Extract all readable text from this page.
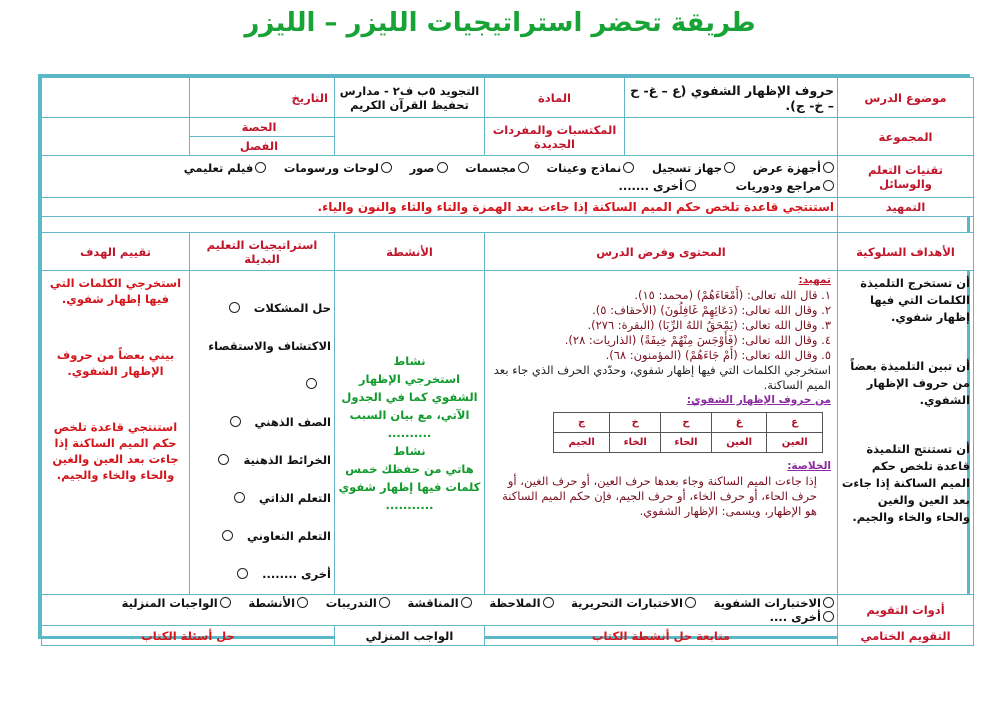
طريقة تحضر استراتيجيات الليزر – الليزر
موضوع الدرس	حروف الإظهار الشفوي (ع – غ- ح – خ- ج).	المادة	التجويد ٥ب ف٢ - مدارس تحفيظ القرآن الكريم	التاريخ	
المجموعة		المكتسبات والمفردات الجديدة		
الحصة
الفصل

تقنيات التعلم والوسائل	
أجهزة عرض جهاز تسجيل نماذج وعينات مجسمات صور لوحات ورسومات فيلم تعليمي
مراجع ودوريات أخرى .......

التمهيد	استنتجي قاعدة تلخص حكم الميم الساكنة إذا جاءت بعد الهمزة والتاء والثاء والنون والياء.

الأهداف السلوكية	المحتوى وفرض الدرس	الأنشطة	استراتيجيات التعليم البديلة	تقييم الهدف

أن تستخرج التلميذة الكلمات التي فيها إظهار شفوي.
أن تبين التلميذة بعضاً من حروف الإظهار الشفوي.
أن تستنتج التلميذة قاعدة تلخص حكم الميم الساكنة إذا جاءت بعد العين والغين والحاء والخاء والجيم.

تمهيد:
١. قال الله تعالى: (أَمْعَاءَهُمْ) (محمد: ١٥).
٢. وقال الله تعالى: (دَعَائِهِمْ غَافِلُونَ) (الأحقاف: ٥).
٣. وقال الله تعالى: (يَمْحَقُ اللهُ الرِّبَا) (البقرة: ٢٧٦).
٤. وقال الله تعالى: (فَأَوْجَسَ مِنْهُمْ خِيفَةً) (الذاريات: ٢٨).
٥. وقال الله تعالى: (أَمْ جَاءَهُمْ) (المؤمنون: ٦٨).
استخرجي الكلمات التي فيها إظهار شفوي، وحدّدي الحرف الذي جاء بعد الميم الساكنة.
من حروف الإظهار الشفوي:
ع	غ	ح	خ	ج
العين	الغين	الحاء	الخاء	الجيم
الخلاصة:
إذا جاءت الميم الساكنة وجاء بعدها حرف العين، أو حرف الغين، أو حرف الحاء، أو حرف الخاء، أو حرف الجيم، فإن حكم الميم الساكنة هو الإظهار، ويسمى: الإظهار الشفوي.

نشاط
استخرجي الإظهار الشفوي كما في الجدول الآتي، مع بيان السبب
..........
نشاط
هاتي من حفظك خمس كلمات فيها إظهار شفوي
...........

حل المشكلات
الاكتشاف والاستقصاء
الصف الذهني
الخرائط الذهنية
التعلم الذاتي
التعلم التعاوني
أخرى ........

استخرجي الكلمات التي فيها إظهار شفوي.
بيني بعضاً من حروف الإظهار الشفوي.
استنتجي قاعدة تلخص حكم الميم الساكنة إذا جاءت بعد العين والغين والحاء والخاء والجيم.

أدوات التقويم	الاختبارات الشفوية الاختبارات التحريرية الملاحظة المناقشة التدريبات الأنشطة الواجبات المنزلية أخرى ....
التقويم الختامي	متابعة حل أنشطة الكتاب	الواجب المنزلي	حل أسئلة الكتاب
